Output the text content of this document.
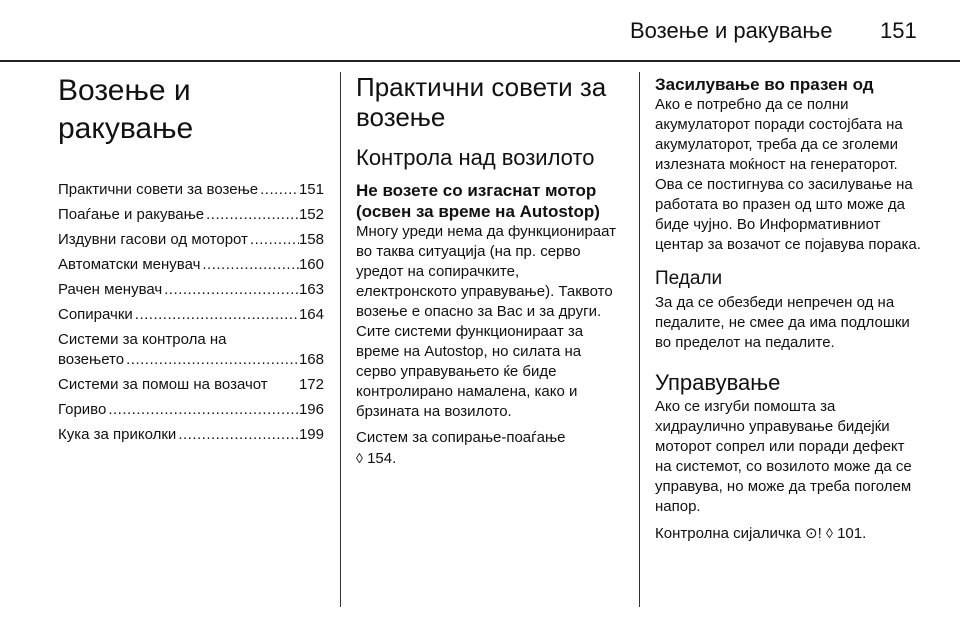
Возење и ракување 151
Возење и ракување
Практични совети за возење .....	151
Поаѓање и ракување .....	152
Издувни гасови од моторот .....	158
Автоматски менувач .....	160
Рачен менувач .....	163
Сопирачки .....	164
Системи за контрола на
возењето .....	168
Системи за помош на возачот 172
Гориво .....	196
Кука за приколки .....	199
Практични совети за возење
Контрола над возилото
Не возете со изгаснат мотор (освен за време на Autostop)

Многу уреди нема да функционираат во таква ситуација (на пр. серво уредот на сопирачките, електронското управување). Таквото возење е опасно за Вас и за други. Сите системи функционираат за време на Autostop, но силата на серво управувањето ќе биде контролирано намалена, како и брзината на возилото.

Систем за сопирање-поаѓање
◊ 154.

Засилување во празен од

Ако е потребно да се полни акумулаторот поради состојбата на акумулаторот, треба да се зголеми излезната моќност на генераторот. Ова се постигнува со засилување на работата во празен од што може да биде чујно. Во Информативниот центар за возачот се појавува порака.

Педали

За да се обезбеди непречен од на педалите, не смее да има подлошки во пределот на педалите.

Управување

Ако се изгуби помошта за хидраулично управување бидејќи моторот сопрел или поради дефект на системот, со возилото може да се управува, но може да треба поголем напор.

Контролна сијаличка ⊙! ◊ 101.
